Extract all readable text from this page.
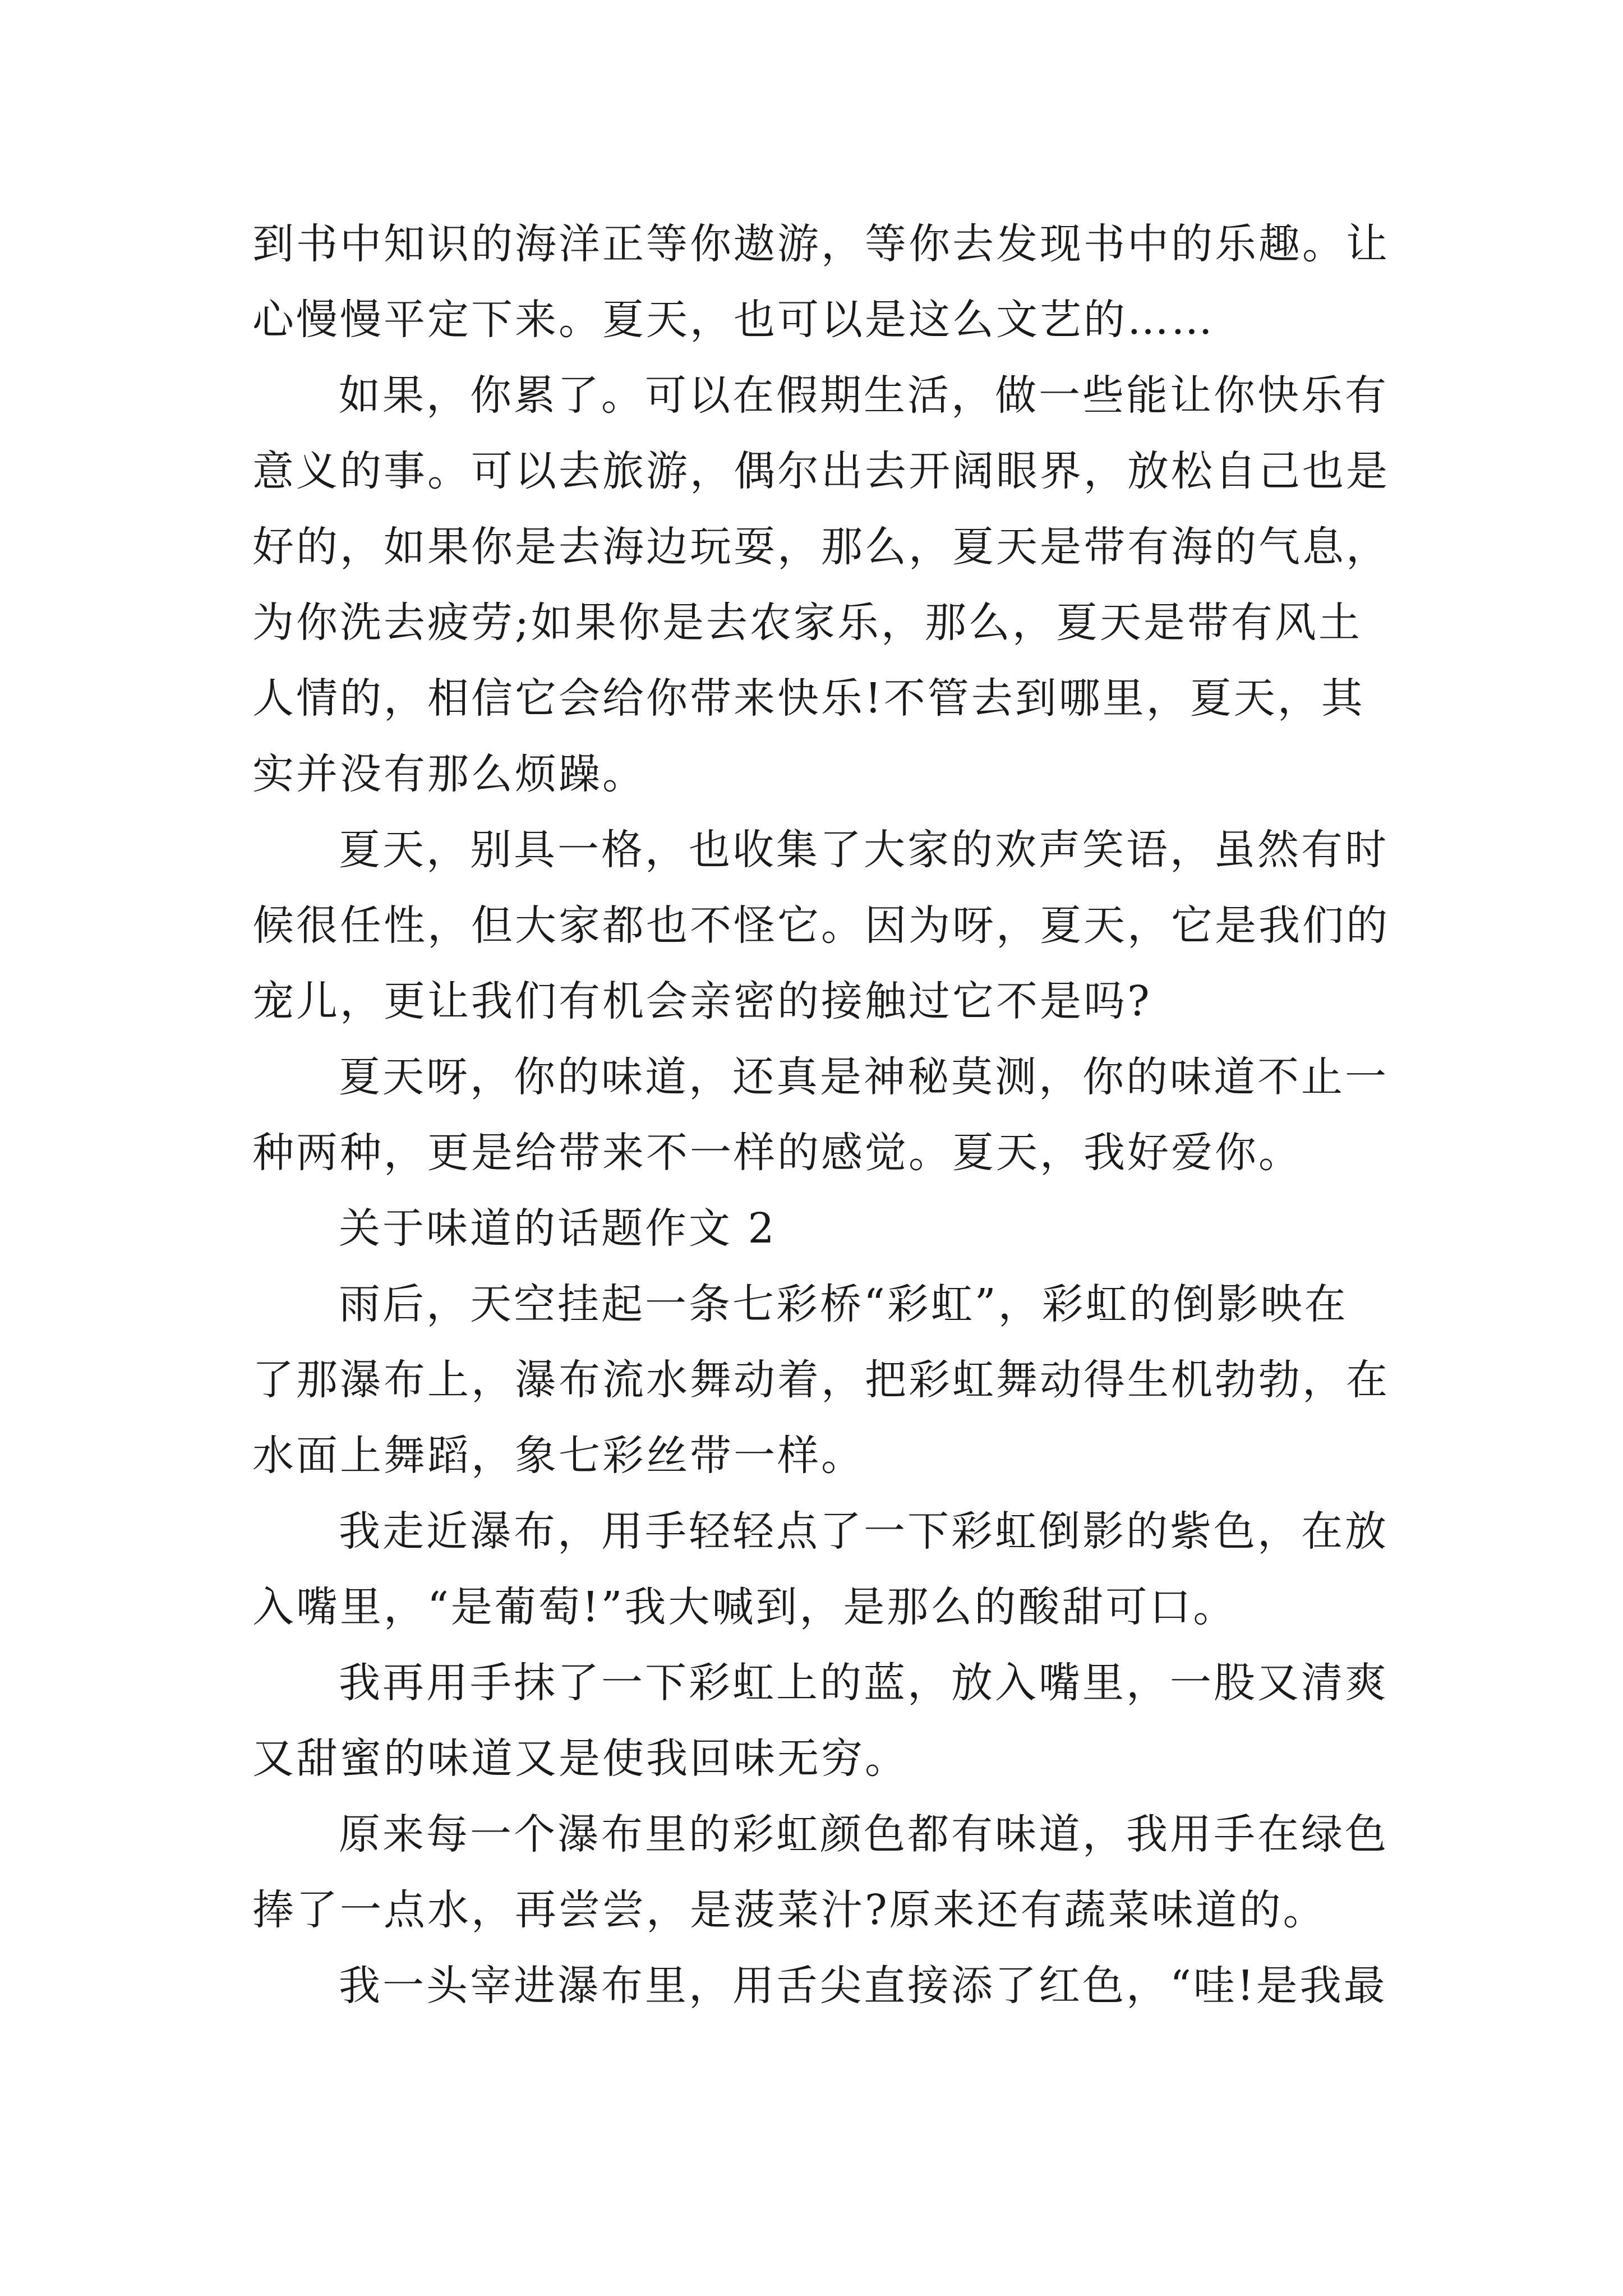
到书中知识的海洋正等你遨游，等你去发现书中的乐趣。让
心慢慢平定下来。夏天，也可以是这么文艺的……
如果，你累了。可以在假期生活，做一些能让你快乐有
意义的事。可以去旅游，偶尔出去开阔眼界，放松自己也是
好的，如果你是去海边玩耍，那么，夏天是带有海的气息，
为你洗去疲劳;如果你是去农家乐，那么，夏天是带有风土
人情的，相信它会给你带来快乐!不管去到哪里，夏天，其
实并没有那么烦躁。
夏天，别具一格，也收集了大家的欢声笑语，虽然有时
候很任性，但大家都也不怪它。因为呀，夏天，它是我们的
宠儿，更让我们有机会亲密的接触过它不是吗?
夏天呀，你的味道，还真是神秘莫测，你的味道不止一
种两种，更是给带来不一样的感觉。夏天，我好爱你。
关于味道的话题作文 2
雨后，天空挂起一条七彩桥“彩虹”，彩虹的倒影映在
了那瀑布上，瀑布流水舞动着，把彩虹舞动得生机勃勃，在
水面上舞蹈，象七彩丝带一样。
我走近瀑布，用手轻轻点了一下彩虹倒影的紫色，在放
入嘴里，“是葡萄!”我大喊到，是那么的酸甜可口。
我再用手抹了一下彩虹上的蓝，放入嘴里，一股又清爽
又甜蜜的味道又是使我回味无穷。
原来每一个瀑布里的彩虹颜色都有味道，我用手在绿色
捧了一点水，再尝尝，是菠菜汁?原来还有蔬菜味道的。
我一头宰进瀑布里，用舌尖直接添了红色，“哇!是我最
